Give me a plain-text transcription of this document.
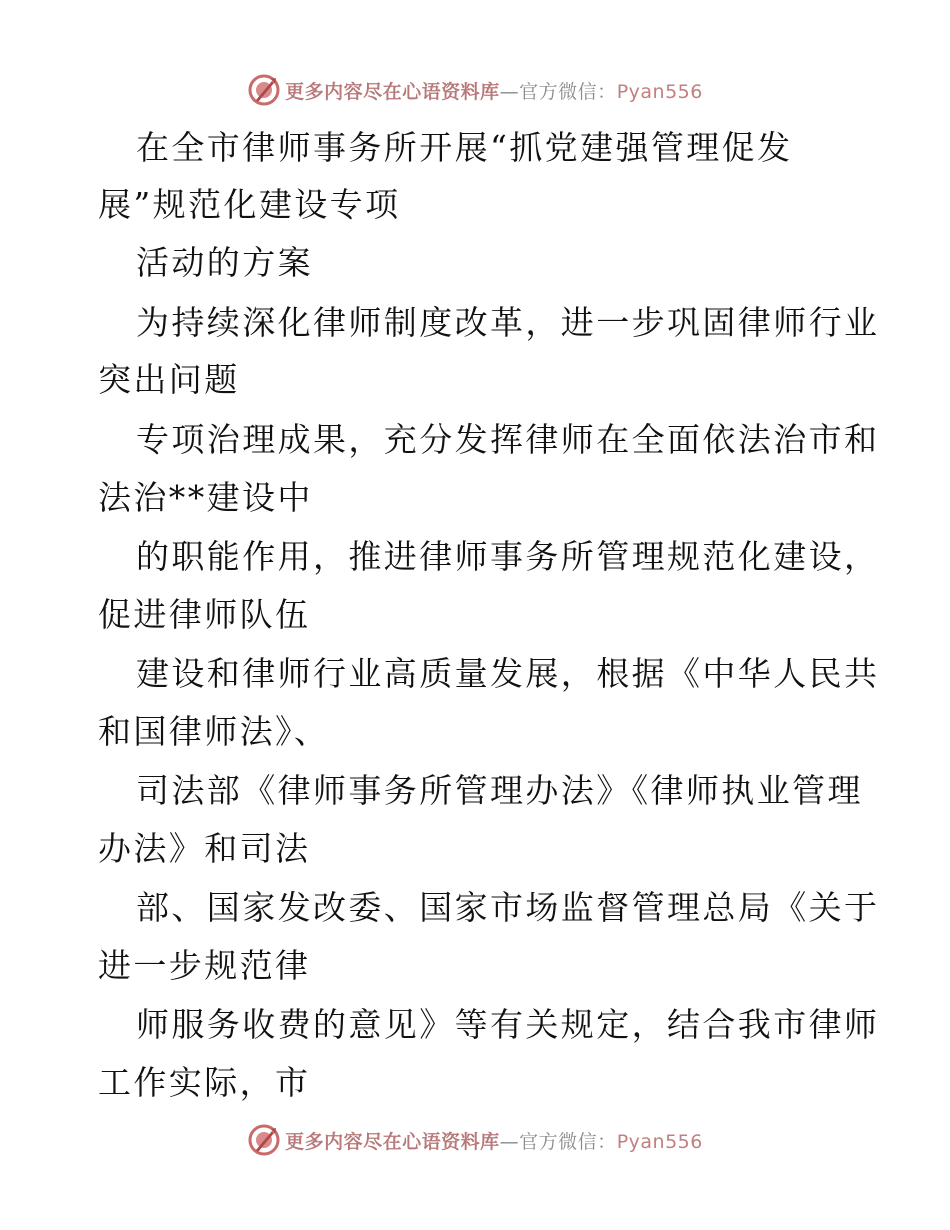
更多内容尽在心语资料库—官方微信：Pyan556
在全市律师事务所开展“抓党建强管理促发
展”规范化建设专项
活动的方案
为持续深化律师制度改革，进一步巩固律师行业
突出问题
专项治理成果，充分发挥律师在全面依法治市和
法治**建设中
的职能作用，推进律师事务所管理规范化建设，
促进律师队伍
建设和律师行业高质量发展，根据《中华人民共
和国律师法》、
司法部《律师事务所管理办法》《律师执业管理
办法》和司法
部、国家发改委、国家市场监督管理总局《关于
进一步规范律
师服务收费的意见》等有关规定，结合我市律师
工作实际，市
更多内容尽在心语资料库—官方微信：Pyan556
